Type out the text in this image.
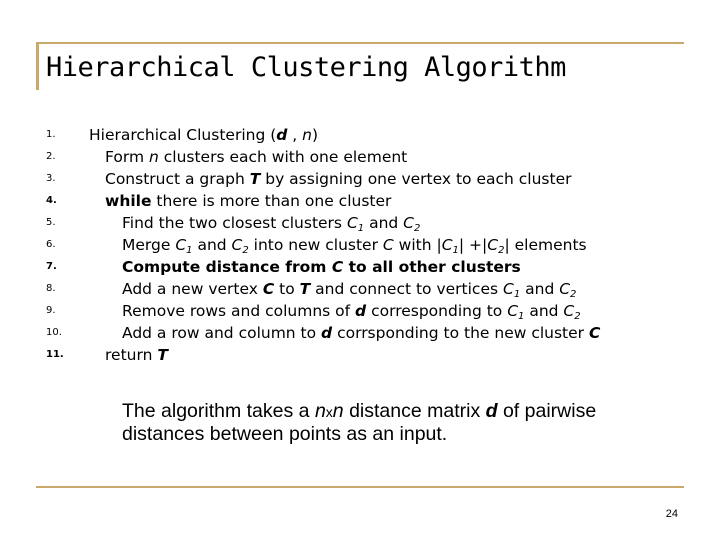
Hierarchical Clustering Algorithm
1.	Hierarchical Clustering (d , n)
2.	Form n clusters each with one element
3.	Construct a graph T by assigning one vertex to each cluster
4.	while there is more than one cluster
5.	Find the two closest clusters $C_1$ and $C_2$
6.	Merge $C_1$ and $C_2$ into new cluster C with $|C_1| +|C_2|$ elements
7.	Compute distance from C to all other clusters
8.	Add a new vertex C to T and connect to vertices $C_1$ and $C_2$
9.	Remove rows and columns of d corresponding to $C_1$ and $C_2$
10.	Add a row and column to d corrsponding to the new cluster C
11.	return T
The algorithm takes a nxn distance matrix d of pairwise distances between points as an input.
24
